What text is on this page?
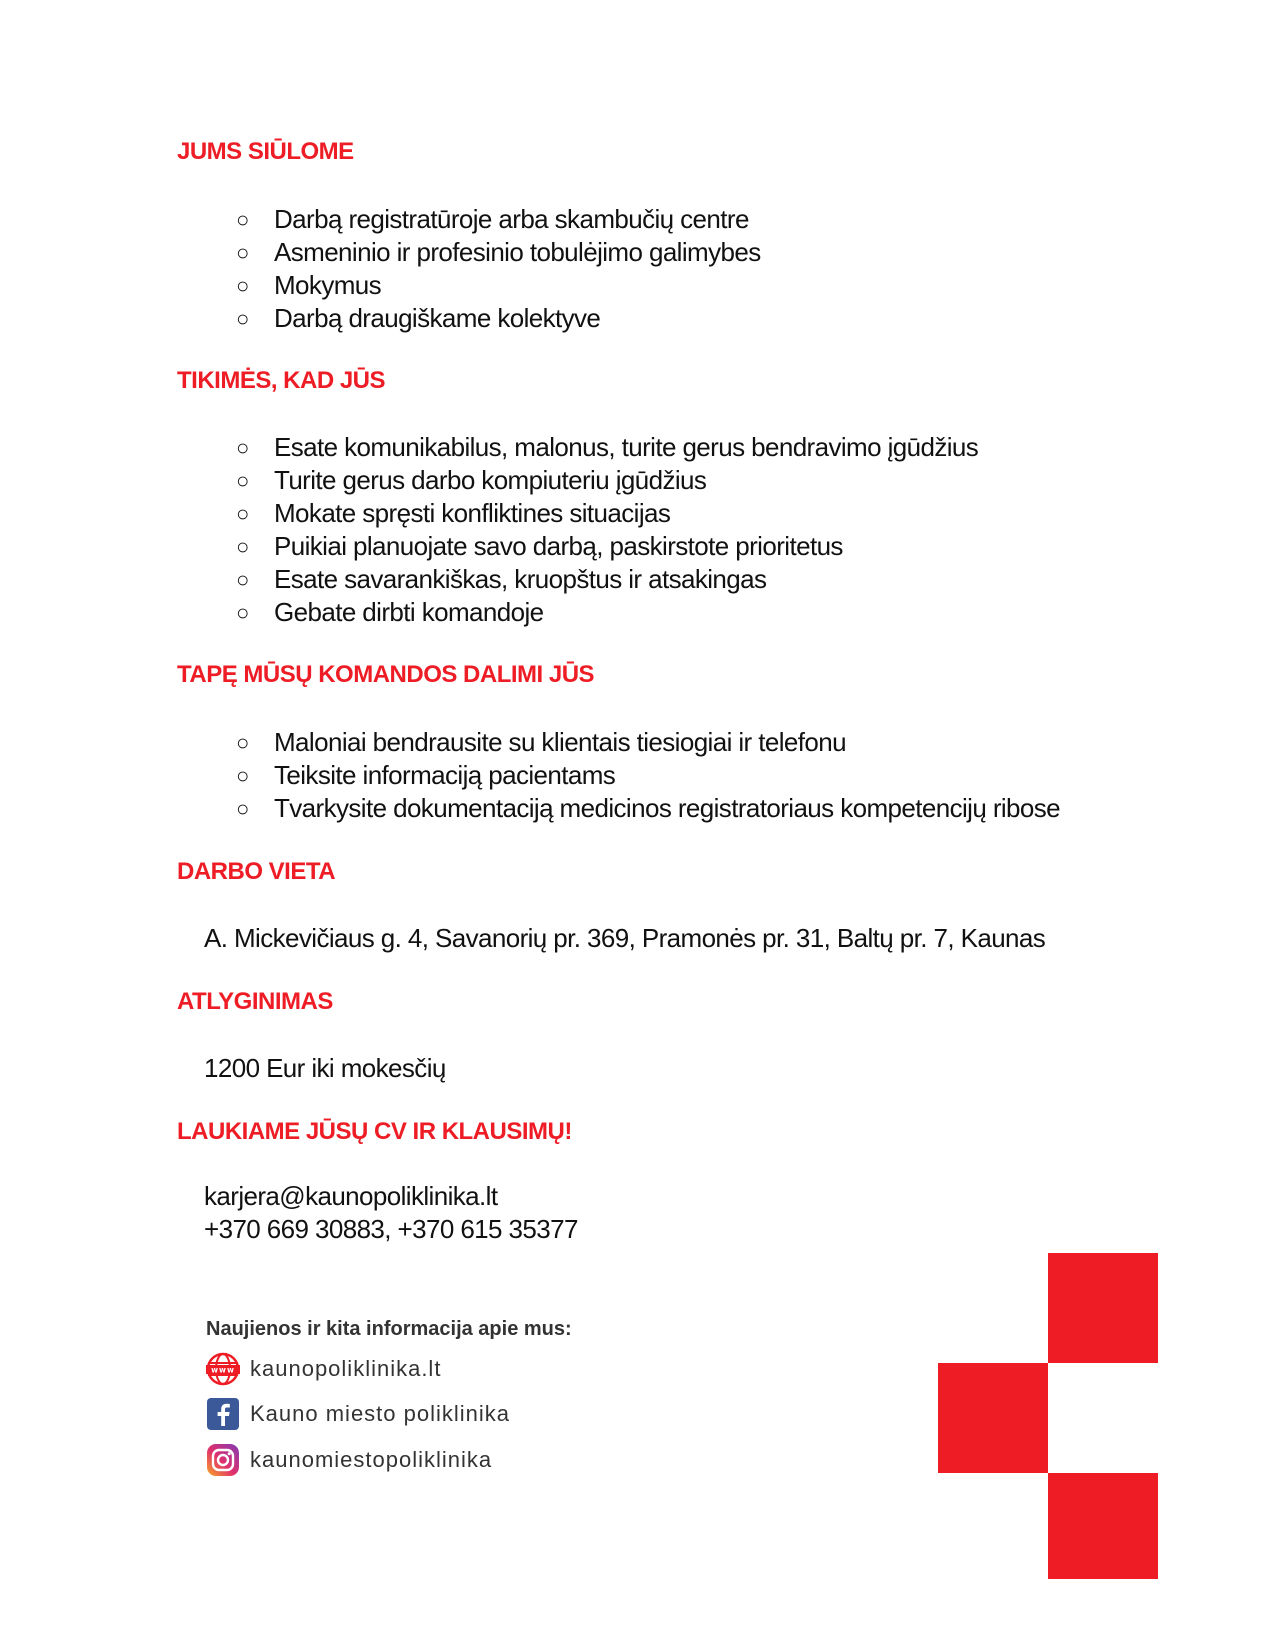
JUMS SIŪLOME
○ Darbą registratūroje arba skambučių centre
○ Asmeninio ir profesinio tobulėjimo galimybes
○ Mokymus
○ Darbą draugiškame kolektyve
TIKIMĖS, KAD JŪS
○ Esate komunikabilus, malonus, turite gerus bendravimo įgūdžius
○ Turite gerus darbo kompiuteriu įgūdžius
○ Mokate spręsti konfliktines situacijas
○ Puikiai planuojate savo darbą, paskirstote prioritetus
○ Esate savarankiškas, kruopštus ir atsakingas
○ Gebate dirbti komandoje
TAPĘ MŪSŲ KOMANDOS DALIMI JŪS
○ Maloniai bendrausite su klientais tiesiogiai ir telefonu
○ Teiksite informaciją pacientams
○ Tvarkysite dokumentaciją medicinos registratoriaus kompetencijų ribose
DARBO VIETA
A. Mickevičiaus g. 4, Savanorių pr. 369, Pramonės pr. 31, Baltų pr. 7, Kaunas
ATLYGINIMAS
1200 Eur iki mokesčių
LAUKIAME JŪSŲ CV IR KLAUSIMŲ!
karjera@kaunopoliklinika.lt
+370 669 30883, +370 615 35377
Naujienos ir kita informacija apie mus:
www kaunopoliklinika.lt
Kauno miesto poliklinika
kaunomiestopoliklinika
